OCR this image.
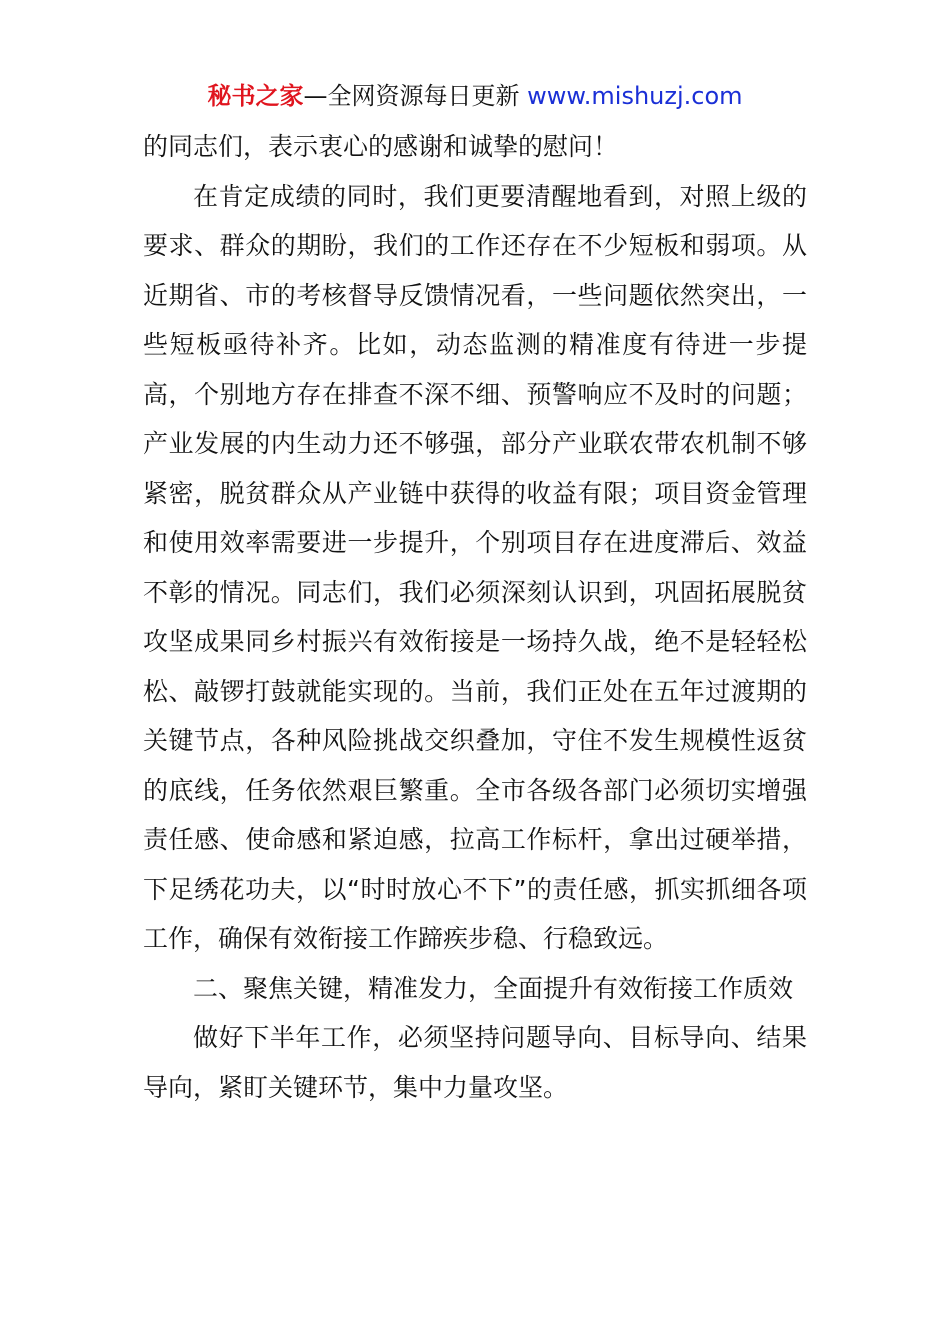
秘书之家—全网资源每日更新 www.mishuzj.com

的同志们，表示衷心的感谢和诚挚的慰问！

在肯定成绩的同时，我们更要清醒地看到，对照上级的要求、群众的期盼，我们的工作还存在不少短板和弱项。从近期省、市的考核督导反馈情况看，一些问题依然突出，一些短板亟待补齐。比如，动态监测的精准度有待进一步提高，个别地方存在排查不深不细、预警响应不及时的问题；产业发展的内生动力还不够强，部分产业联农带农机制不够紧密，脱贫群众从产业链中获得的收益有限；项目资金管理和使用效率需要进一步提升，个别项目存在进度滞后、效益不彰的情况。同志们，我们必须深刻认识到，巩固拓展脱贫攻坚成果同乡村振兴有效衔接是一场持久战，绝不是轻轻松松、敲锣打鼓就能实现的。当前，我们正处在五年过渡期的关键节点，各种风险挑战交织叠加，守住不发生规模性返贫的底线，任务依然艰巨繁重。全市各级各部门必须切实增强责任感、使命感和紧迫感，拉高工作标杆，拿出过硬举措，下足绣花功夫，以“时时放心不下”的责任感，抓实抓细各项工作，确保有效衔接工作蹄疾步稳、行稳致远。

二、聚焦关键，精准发力，全面提升有效衔接工作质效

做好下半年工作，必须坚持问题导向、目标导向、结果导向，紧盯关键环节，集中力量攻坚。
